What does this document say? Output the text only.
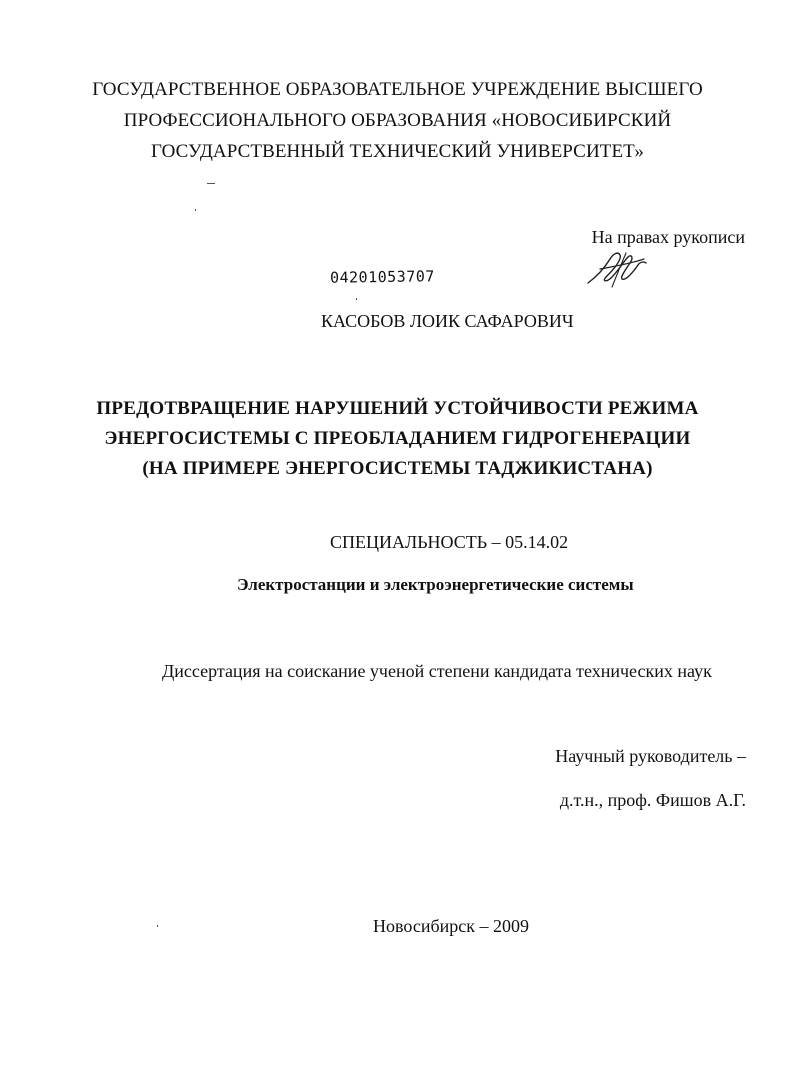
ГОСУДАРСТВЕННОЕ ОБРАЗОВАТЕЛЬНОЕ УЧРЕЖДЕНИЕ ВЫСШЕГО

ПРОФЕССИОНАЛЬНОГО ОБРАЗОВАНИЯ «НОВОСИБИРСКИЙ

ГОСУДАРСТВЕННЫЙ ТЕХНИЧЕСКИЙ УНИВЕРСИТЕТ»

На правах рукописи

04201053707

КАСОБОВ ЛОИК САФАРОВИЧ

ПРЕДОТВРАЩЕНИЕ НАРУШЕНИЙ УСТОЙЧИВОСТИ РЕЖИМА

ЭНЕРГОСИСТЕМЫ С ПРЕОБЛАДАНИЕМ ГИДРОГЕНЕРАЦИИ

(НА ПРИМЕРЕ ЭНЕРГОСИСТЕМЫ ТАДЖИКИСТАНА)

СПЕЦИАЛЬНОСТЬ – 05.14.02

Электростанции и электроэнергетические системы

Диссертация на соискание ученой степени кандидата технических наук

Научный руководитель –

д.т.н., проф. Фишов А.Г.

Новосибирск – 2009
